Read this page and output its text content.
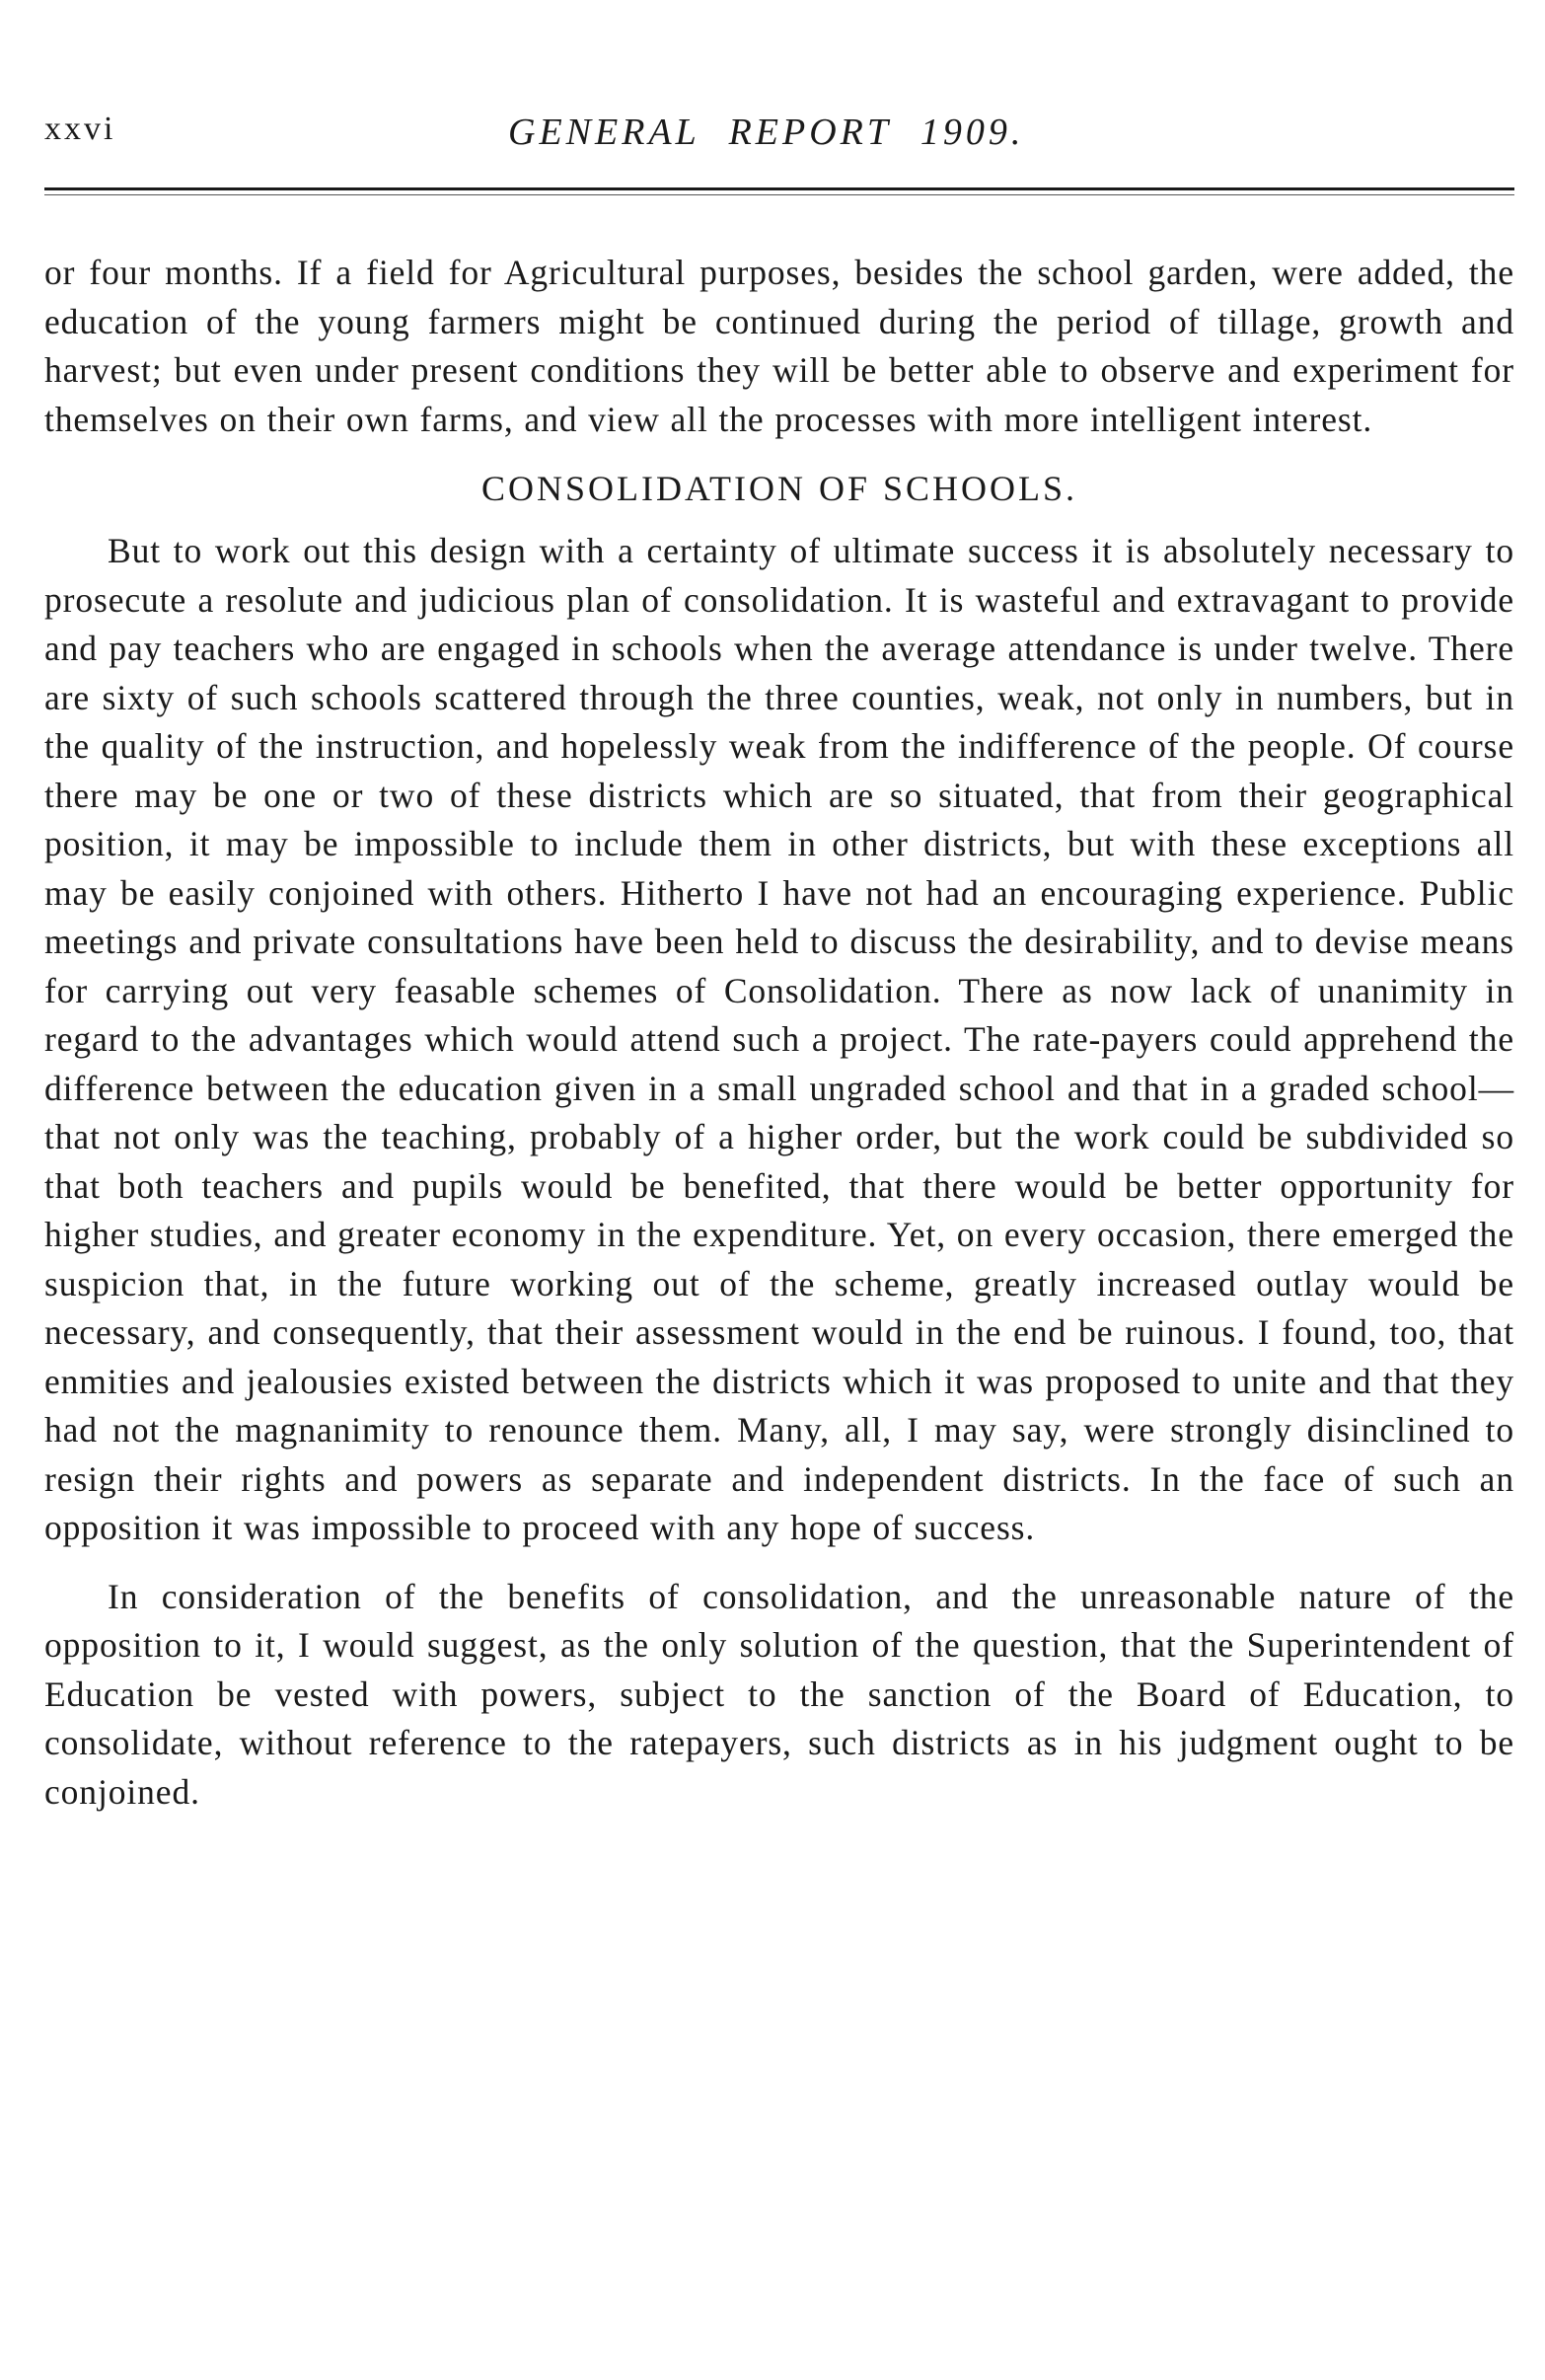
xxvi	GENERAL REPORT 1909.

or four months. If a field for Agricultural purposes, besides the school garden, were added, the education of the young farmers might be continued during the period of tillage, growth and harvest; but even under present conditions they will be better able to observe and experiment for themselves on their own farms, and view all the processes with more intelligent interest.

CONSOLIDATION OF SCHOOLS.

But to work out this design with a certainty of ultimate success it is absolutely necessary to prosecute a resolute and judicious plan of consolidation. It is wasteful and extravagant to provide and pay teachers who are engaged in schools when the average attendance is under twelve. There are sixty of such schools scattered through the three counties, weak, not only in numbers, but in the quality of the instruction, and hopelessly weak from the indifference of the people. Of course there may be one or two of these districts which are so situated, that from their geographical position, it may be impossible to include them in other districts, but with these exceptions all may be easily conjoined with others. Hitherto I have not had an encouraging experience. Public meetings and private consultations have been held to discuss the desirability, and to devise means for carrying out very feasable schemes of Consolidation. There as now lack of unanimity in regard to the advantages which would attend such a project. The rate-payers could apprehend the difference between the education given in a small ungraded school and that in a graded school—that not only was the teaching, probably of a higher order, but the work could be subdivided so that both teachers and pupils would be benefited, that there would be better opportunity for higher studies, and greater economy in the expenditure. Yet, on every occasion, there emerged the suspicion that, in the future working out of the scheme, greatly increased outlay would be necessary, and consequently, that their assessment would in the end be ruinous. I found, too, that enmities and jealousies existed between the districts which it was proposed to unite and that they had not the magnanimity to renounce them. Many, all, I may say, were strongly disinclined to resign their rights and powers as separate and independent districts. In the face of such an opposition it was impossible to proceed with any hope of success.

In consideration of the benefits of consolidation, and the unreasonable nature of the opposition to it, I would suggest, as the only solution of the question, that the Superintendent of Education be vested with powers, subject to the sanction of the Board of Education, to consolidate, without reference to the ratepayers, such districts as in his judgment ought to be conjoined.
